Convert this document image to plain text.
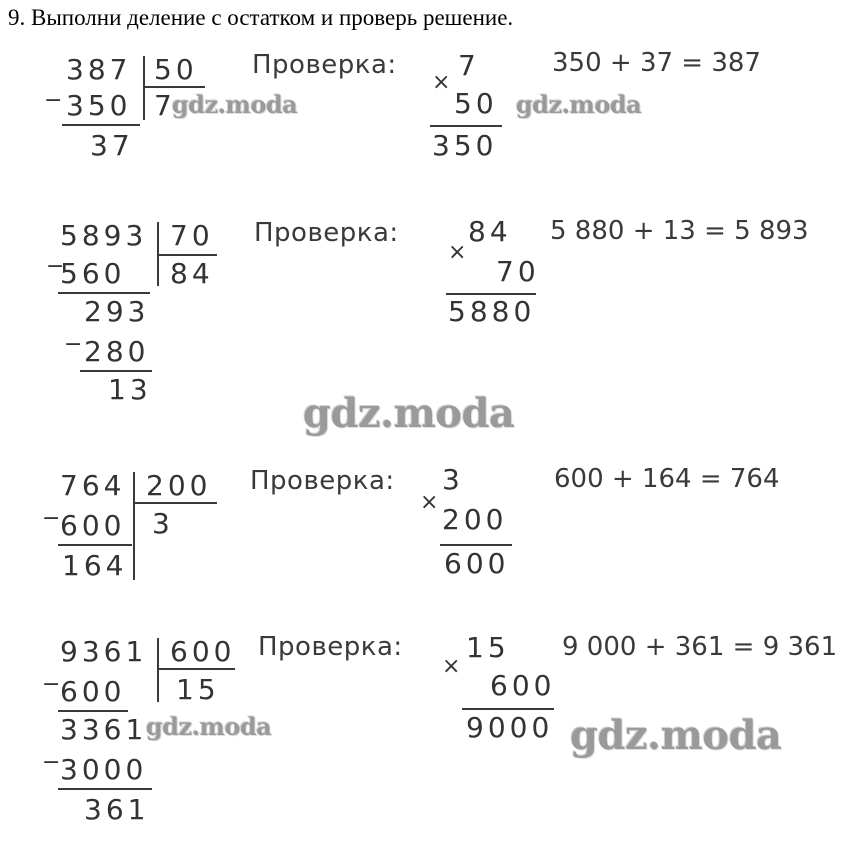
9. Выполни деление с остатком и проверь решение.
387 50
7
− 350
37
Проверка:
×
7
50
350
350 + 37 = 387
gdz.moda	gdz.moda
5893 70
84
−
560
293
− 280
13
Проверка:
×
84
70
5880
5 880 + 13 = 5 893
gdz.moda
764 200
3
− 600
164
Проверка:
×
3
200
600
600 + 164 = 764
9361 600
15
− 600
3361
− 3000
361
Проверка:
×
15
600
9000
9 000 + 361 = 9 361
gdz.moda	gdz.moda
